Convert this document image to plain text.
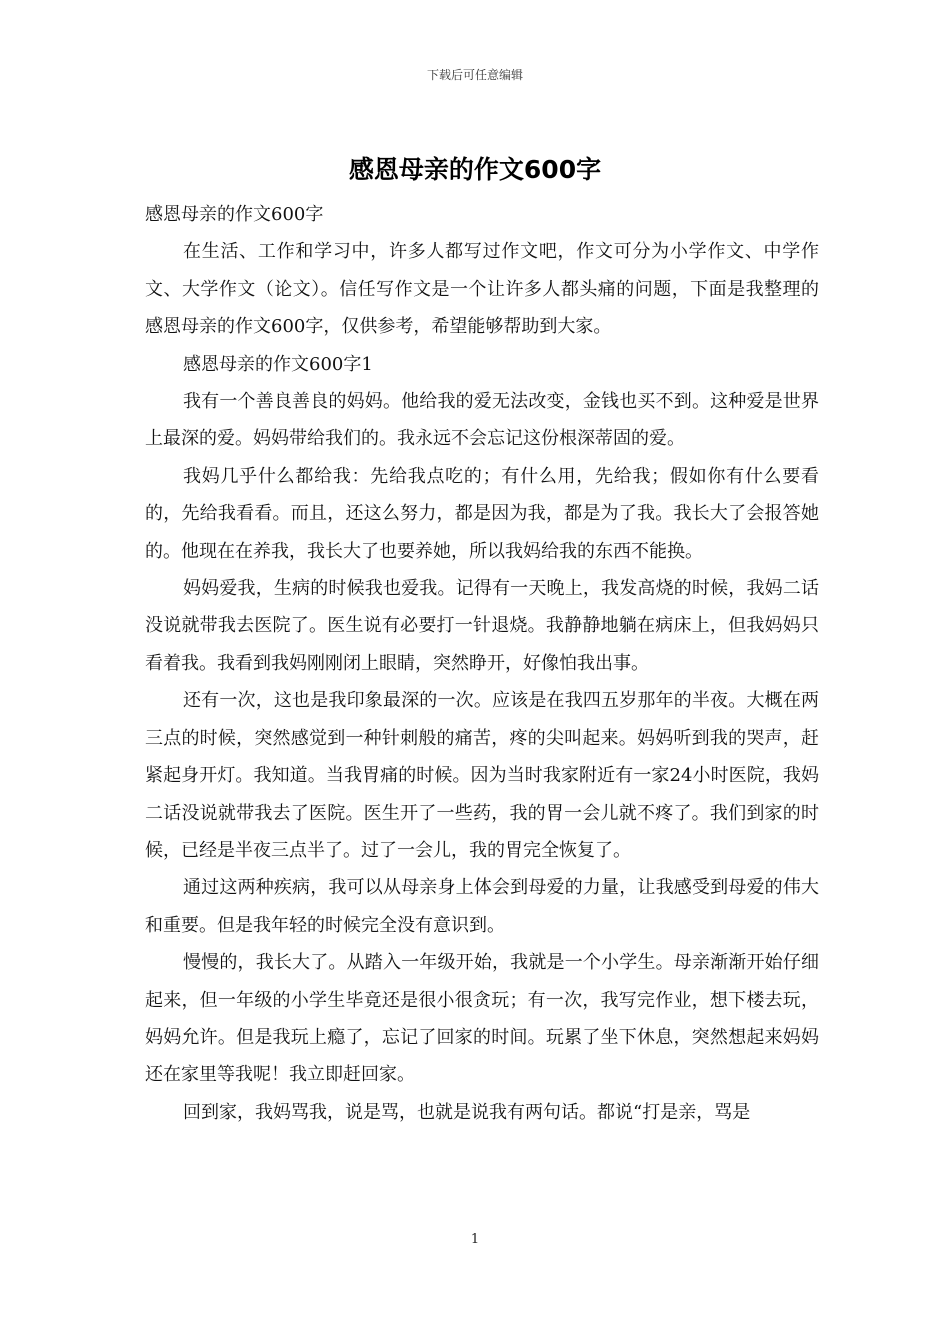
下载后可任意编辑
感恩母亲的作文600字

感恩母亲的作文600字

在生活、工作和学习中，许多人都写过作文吧，作文可分为小学作文、中学作文、大学作文（论文）。信任写作文是一个让许多人都头痛的问题，下面是我整理的感恩母亲的作文600字，仅供参考，希望能够帮助到大家。

感恩母亲的作文600字1

我有一个善良善良的妈妈。他给我的爱无法改变，金钱也买不到。这种爱是世界上最深的爱。妈妈带给我们的。我永远不会忘记这份根深蒂固的爱。

我妈几乎什么都给我：先给我点吃的；有什么用，先给我；假如你有什么要看的，先给我看看。而且，还这么努力，都是因为我，都是为了我。我长大了会报答她的。他现在在养我，我长大了也要养她，所以我妈给我的东西不能换。

妈妈爱我，生病的时候我也爱我。记得有一天晚上，我发高烧的时候，我妈二话没说就带我去医院了。医生说有必要打一针退烧。我静静地躺在病床上，但我妈妈只看着我。我看到我妈刚刚闭上眼睛，突然睁开，好像怕我出事。

还有一次，这也是我印象最深的一次。应该是在我四五岁那年的半夜。大概在两三点的时候，突然感觉到一种针刺般的痛苦，疼的尖叫起来。妈妈听到我的哭声，赶紧起身开灯。我知道。当我胃痛的时候。因为当时我家附近有一家24小时医院，我妈二话没说就带我去了医院。医生开了一些药，我的胃一会儿就不疼了。我们到家的时候，已经是半夜三点半了。过了一会儿，我的胃完全恢复了。

通过这两种疾病，我可以从母亲身上体会到母爱的力量，让我感受到母爱的伟大和重要。但是我年轻的时候完全没有意识到。

慢慢的，我长大了。从踏入一年级开始，我就是一个小学生。母亲渐渐开始仔细起来，但一年级的小学生毕竟还是很小很贪玩；有一次，我写完作业，想下楼去玩，妈妈允许。但是我玩上瘾了，忘记了回家的时间。玩累了坐下休息，突然想起来妈妈还在家里等我呢！我立即赶回家。

回到家，我妈骂我，说是骂，也就是说我有两句话。都说“打是亲，骂是

1
